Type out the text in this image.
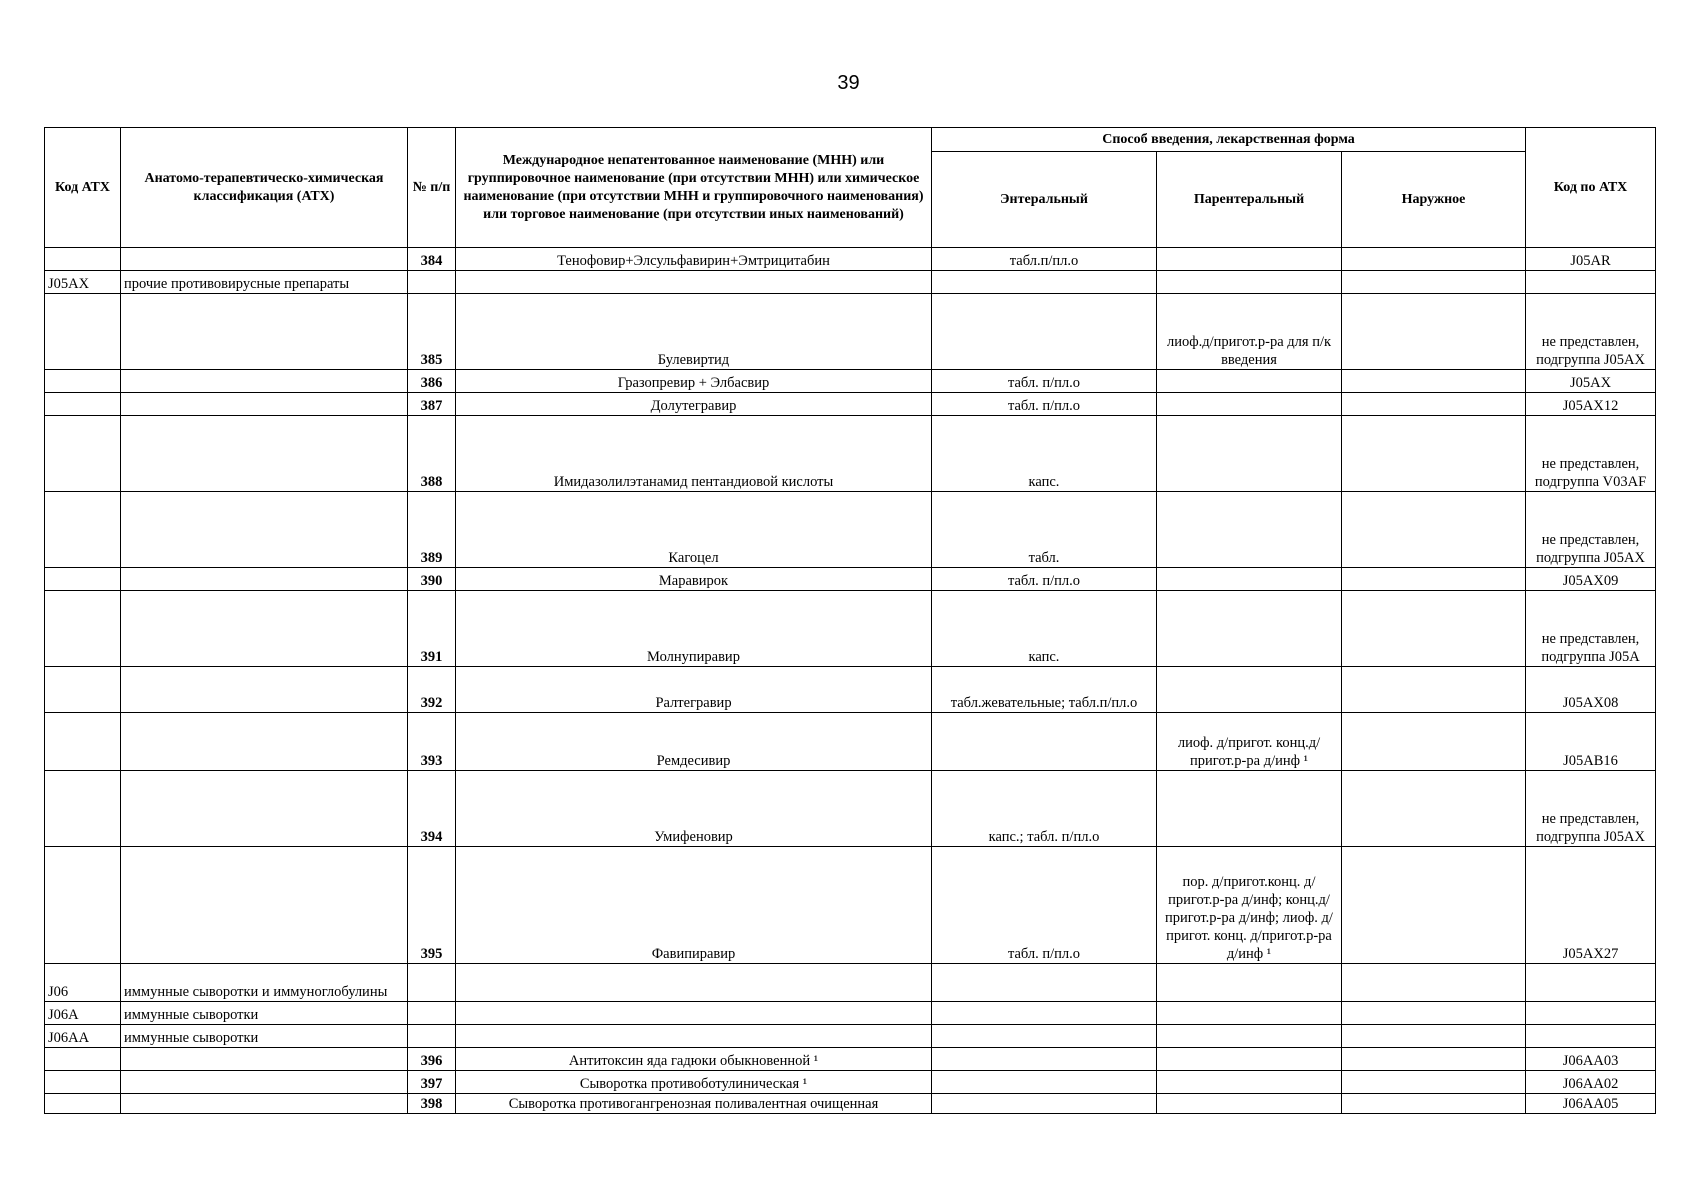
39
Код АТХ	Анатомо-терапевтическо-химическая классификация (АТХ)	№ п/п	Международное непатентованное наименование (МНН) или группировочное наименование (при отсутствии МНН) или химическое наименование (при отсутствии МНН и группировочного наименования) или торговое наименование (при отсутствии иных наименований)	Способ введения, лекарственная форма			Код по АТХ
				Энтеральный	Парентеральный	Наружное	
		384	Тенофовир+Элсульфавирин+Эмтрицитабин	табл.п/пл.о			J05AR
J05AX	прочие противовирусные препараты						
		385	Булевиртид		лиоф.д/пригот.р-ра для п/к введения		не представлен, подгруппа J05AX
		386	Гразопревир + Элбасвир	табл. п/пл.о			J05AX
		387	Долутегравир	табл. п/пл.о			J05AX12
		388	Имидазолилэтанамид пентандиовой кислоты	капс.			не представлен, подгруппа V03AF
		389	Кагоцел	табл.			не представлен, подгруппа J05AX
		390	Маравирок	табл. п/пл.о			J05AX09
		391	Молнупиравир	капс.			не представлен, подгруппа J05A
		392	Ралтегравир	табл.жевательные; табл.п/пл.о			J05AX08
		393	Ремдесивир		лиоф. д/пригот. конц.д/пригот.р-ра д/инф ¹		J05AB16
		394	Умифеновир	капс.; табл. п/пл.о			не представлен, подгруппа J05AX
		395	Фавипиравир	табл. п/пл.о	пор. д/пригот.конц. д/пригот.р-ра д/инф; конц.д/пригот.р-ра д/инф; лиоф. д/пригот. конц. д/пригот.р-ра д/инф ¹		J05AX27
J06	иммунные сыворотки и иммуноглобулины						
J06A	иммунные сыворотки						
J06AA	иммунные сыворотки						
		396	Антитоксин яда гадюки обыкновенной ¹				J06AA03
		397	Сыворотка противоботулиническая ¹				J06AA02
		398	Сыворотка противогангренозная поливалентная очищенная				J06AA05
